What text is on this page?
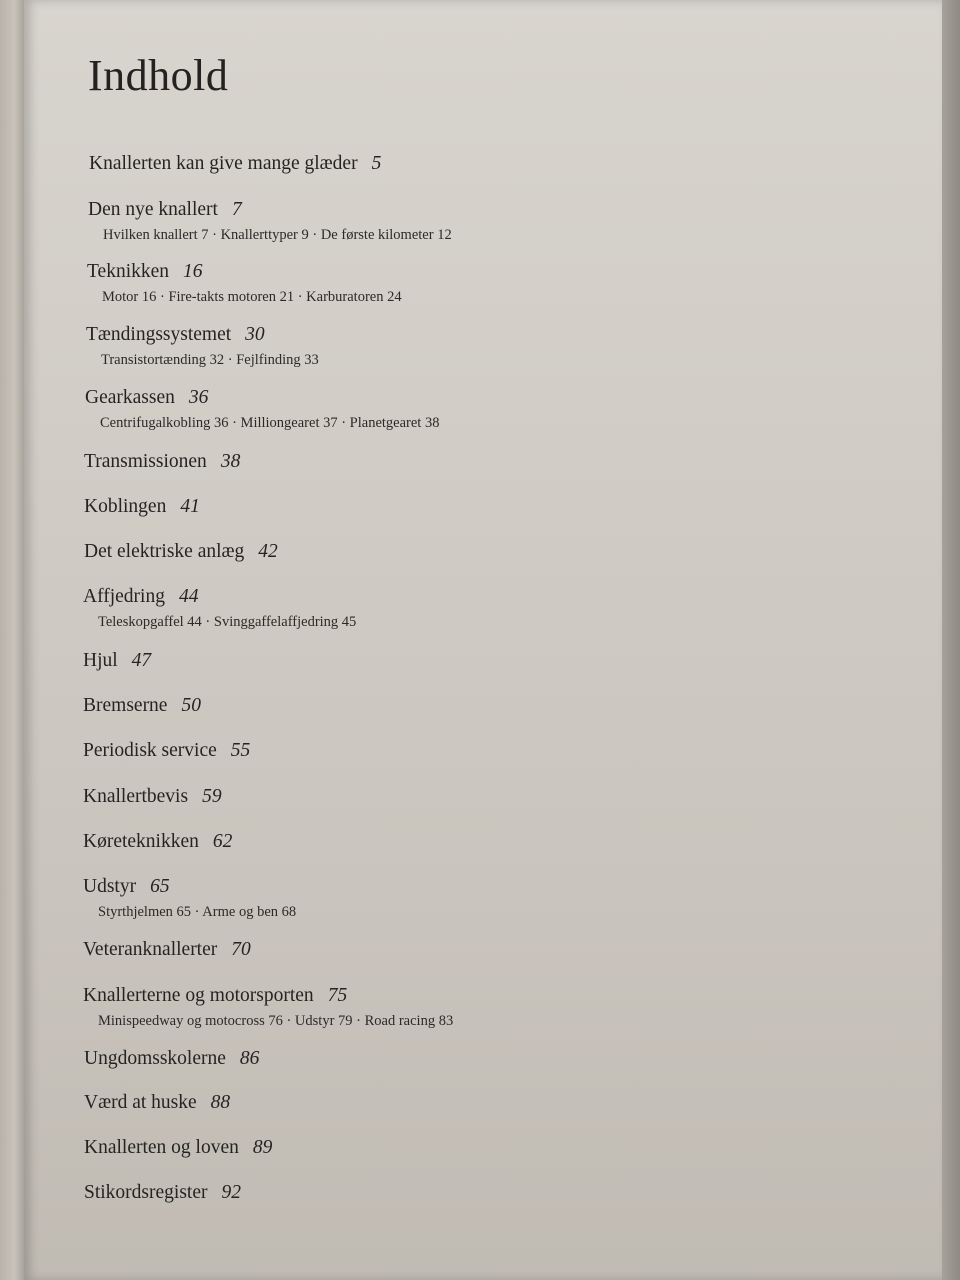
Indhold
Knallerten kan give mange glæder 5
Den nye knallert 7
Hvilken knallert 7 · Knallerttyper 9 · De første kilometer 12
Teknikken 16
Motor 16 · Fire-takts motoren 21 · Karburatoren 24
Tændingssystemet 30
Transistortænding 32 · Fejlfinding 33
Gearkassen 36
Centrifugalkobling 36 · Milliongearet 37 · Planetgearet 38
Transmissionen 38
Koblingen 41
Det elektriske anlæg 42
Affjedring 44
Teleskopgaffel 44 · Svinggaffelaffjedring 45
Hjul 47
Bremserne 50
Periodisk service 55
Knallertbevis 59
Køreteknikken 62
Udstyr 65
Styrthjelmen 65 · Arme og ben 68
Veteranknallerter 70
Knallerterne og motorsporten 75
Minispeedway og motocross 76 · Udstyr 79 · Road racing 83
Ungdomsskolerne 86
Værd at huske 88
Knallerten og loven 89
Stikordsregister 92
